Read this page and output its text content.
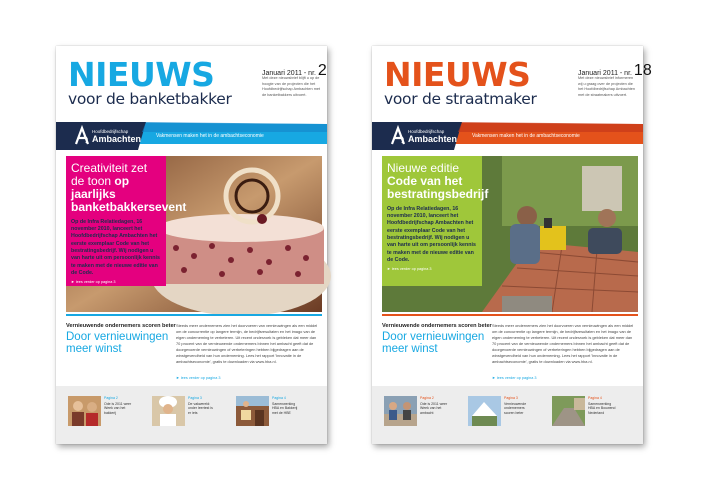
NIEUWS
voor de banketbakker
Januari 2011 - nr. 2
Met deze nieuwsbrief blijft u op de hoogte van de projecten die het Hoofdbedrijfschap Ambachten met de banketbakkers uitvoert.
Hoofdbedrijfschap
Ambachten	Vakmensen maken het in de ambachtseconomie
Creativiteit zet de toon op jaarlijks banketbakkersevent
Op de Infra Relatiedagen, 16 november 2010, lanceert het Hoofdbedrijfschap Ambachten het eerste exemplaar Code van het bestratingsbedrijf. Wij nodigen u van harte uit om persoonlijk kennis te maken met de nieuwe editie van de Code.
► lees verder op pagina 3
Vernieuwende ondernemers scoren beter
Door vernieuwingen meer winst
Steeds meer ondernemers zien het doorvoeren van vernieuwingen als een middel om de concurrentie op langere termijn, de bedrijfsresultaten en het imago van de eigen onderneming te verbeteren. Uit recent onderzoek is gebleken dat meer dan 70 procent van de vernieuwende ondernemers binnen het ambacht geeft dat de doorgevoerde vernieuwingen of verbeteringen hebben bijgedragen aan de winstgevendheid van hun onderneming. Lees het rapport 'Innovatie in de ambachtseconomie', gratis te downloaden via www.hba.nl.
► lees verder op pagina 3
Pagina 2
Ode is 2011 weer Week van het bakkerij
Pagina 3
De vakwereld: onder leertest is er iets
Pagina 4
Samenwerking HBA en Bakkerij met de HBE
NIEUWS
voor de straatmaker
Januari 2011 - nr. 18
Met deze nieuwsbrief informeren wij u graag over de projecten die het Hoofdbedrijfschap Ambachten met de straatmakers uitvoert.
Hoofdbedrijfschap
Ambachten	Vakmensen maken het in de ambachtseconomie
Nieuwe editie Code van het bestratingsbedrijf
Op de Infra Relatiedagen, 16 november 2010, lanceert het Hoofdbedrijfschap Ambachten het eerste exemplaar Code van het bestratingsbedrijf. Wij nodigen u van harte uit om persoonlijk kennis te maken met de nieuwe editie van de Code.
► lees verder op pagina 3
Vernieuwende ondernemers scoren beter
Door vernieuwingen meer winst
Steeds meer ondernemers zien het doorvoeren van vernieuwingen als een middel om de concurrentie op langere termijn, de bedrijfsresultaten en het imago van de eigen onderneming te verbeteren. Uit recent onderzoek is gebleken dat meer dan 70 procent van de vernieuwende ondernemers binnen het ambacht geeft dat de doorgevoerde vernieuwingen of verbeteringen hebben bijgedragen aan de winstgevendheid van hun onderneming. Lees het rapport 'Innovatie in de ambachtseconomie', gratis te downloaden via www.hba.nl.
► lees verder op pagina 3
Pagina 2
Ode is 2011 weer Week van het ambacht
Pagina 3
Vernieuwende ondernemers scoren beter
Pagina 4
Samenwerking HBA en Bouwend Nederland
